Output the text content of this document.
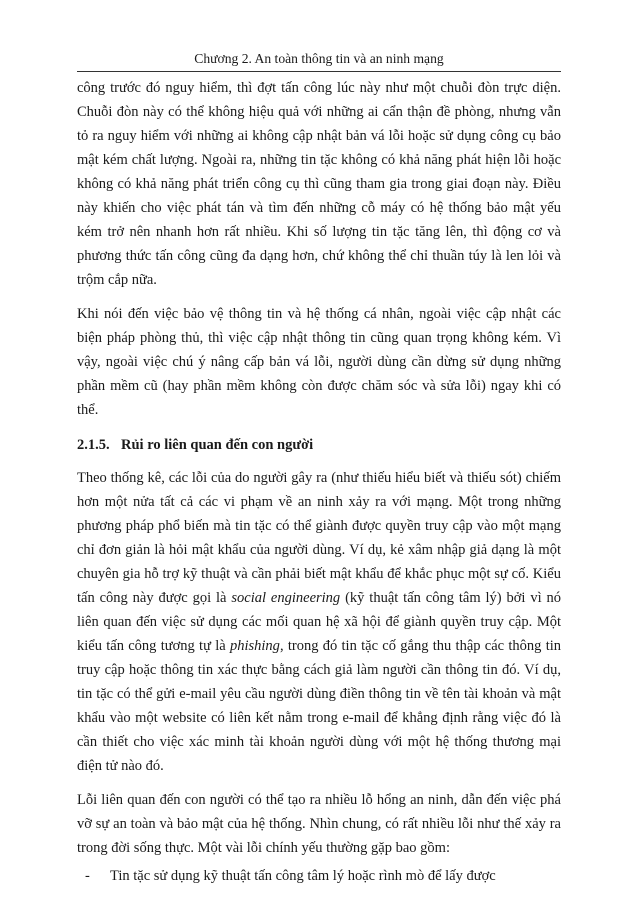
Chương 2. An toàn thông tin và an ninh mạng

công trước đó nguy hiểm, thì đợt tấn công lúc này như một chuỗi đòn trực diện. Chuỗi đòn này có thể không hiệu quả với những ai cẩn thận đề phòng, nhưng vẫn tỏ ra nguy hiểm với những ai không cập nhật bản vá lỗi hoặc sử dụng công cụ bảo mật kém chất lượng. Ngoài ra, những tin tặc không có khả năng phát hiện lỗi hoặc không có khả năng phát triển công cụ thì cũng tham gia trong giai đoạn này. Điều này khiến cho việc phát tán và tìm đến những cỗ máy có hệ thống bảo mật yếu kém trở nên nhanh hơn rất nhiều. Khi số lượng tin tặc tăng lên, thì động cơ và phương thức tấn công cũng đa dạng hơn, chứ không thể chỉ thuần túy là len lỏi và trộm cắp nữa.

Khi nói đến việc bảo vệ thông tin và hệ thống cá nhân, ngoài việc cập nhật các biện pháp phòng thủ, thì việc cập nhật thông tin cũng quan trọng không kém. Vì vậy, ngoài việc chú ý nâng cấp bản vá lỗi, người dùng cần dừng sử dụng những phần mềm cũ (hay phần mềm không còn được chăm sóc và sửa lỗi) ngay khi có thể.

2.1.5. Rủi ro liên quan đến con người

Theo thống kê, các lỗi của do người gây ra (như thiếu hiểu biết và thiếu sót) chiếm hơn một nửa tất cả các vi phạm về an ninh xảy ra với mạng. Một trong những phương pháp phổ biến mà tin tặc có thể giành được quyền truy cập vào một mạng chỉ đơn giản là hỏi mật khẩu của người dùng. Ví dụ, kẻ xâm nhập giả dạng là một chuyên gia hỗ trợ kỹ thuật và cần phải biết mật khẩu để khắc phục một sự cố. Kiểu tấn công này được gọi là social engineering (kỹ thuật tấn công tâm lý) bởi vì nó liên quan đến việc sử dụng các mối quan hệ xã hội để giành quyền truy cập. Một kiểu tấn công tương tự là phishing, trong đó tin tặc cố gắng thu thập các thông tin truy cập hoặc thông tin xác thực bằng cách giả làm người cần thông tin đó. Ví dụ, tin tặc có thể gửi e-mail yêu cầu người dùng điền thông tin về tên tài khoản và mật khẩu vào một website có liên kết nằm trong e-mail để khẳng định rằng việc đó là cần thiết cho việc xác minh tài khoản người dùng với một hệ thống thương mại điện tử nào đó.

Lỗi liên quan đến con người có thể tạo ra nhiều lỗ hổng an ninh, dẫn đến việc phá vỡ sự an toàn và bảo mật của hệ thống. Nhìn chung, có rất nhiều lỗi như thế xảy ra trong đời sống thực. Một vài lỗi chính yếu thường gặp bao gồm:

- Tin tặc sử dụng kỹ thuật tấn công tâm lý hoặc rình mò để lấy được
